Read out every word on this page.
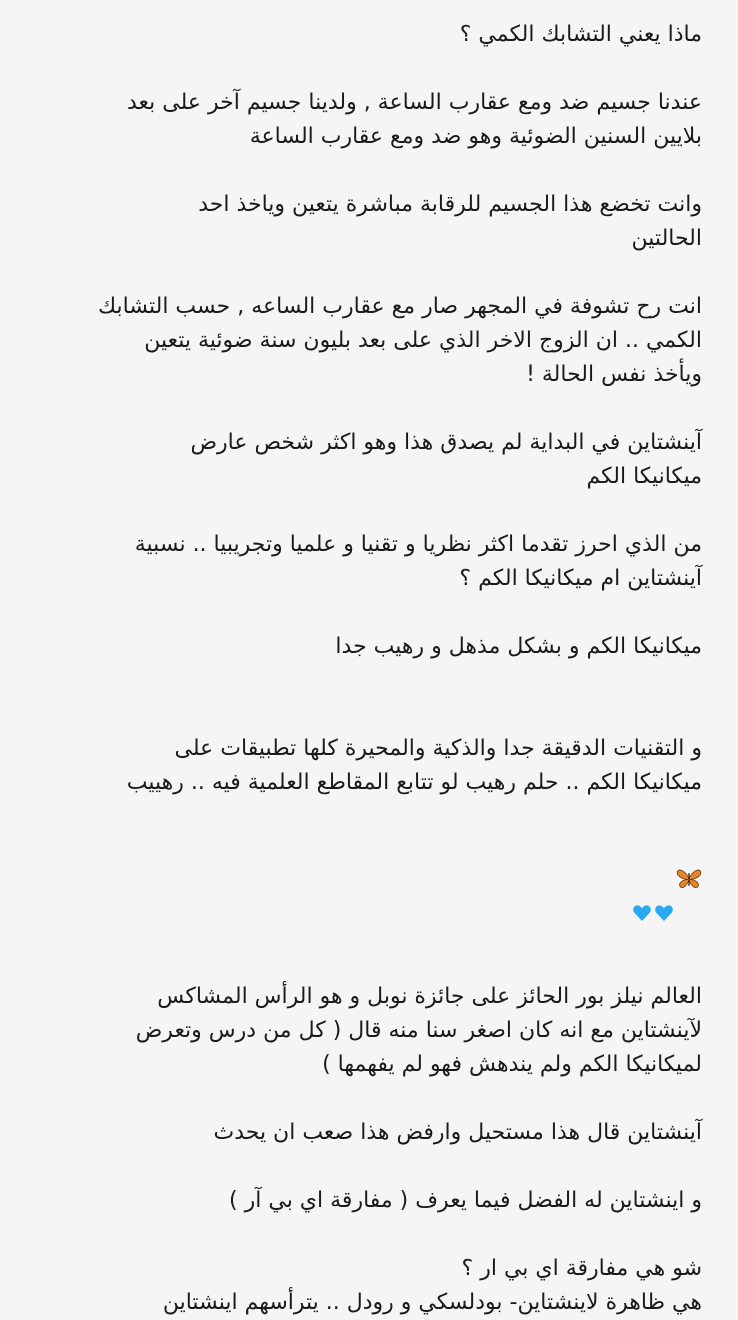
ماذا يعني التشابك الكمي ؟

عندنا جسيم ضد ومع عقارب الساعة , ولدينا جسيم آخر على بعد
بلايين السنين الضوئية وهو ضد ومع عقارب الساعة

وانت تخضع هذا الجسيم للرقابة مباشرة يتعين وياخذ احد
الحالتين

انت رح تشوفة في المجهر صار مع عقارب الساعه , حسب التشابك
الكمي .. ان الزوج الاخر الذي على بعد بليون سنة ضوئية يتعين
ويأخذ نفس الحالة !

آينشتاين في البداية لم يصدق هذا وهو اكثر شخص عارض
ميكانيكا الكم

من الذي احرز تقدما اكثر نظريا و تقنيا و علميا وتجريبيا .. نسبية
آينشتاين ام ميكانيكا الكم ؟

ميكانيكا الكم و بشكل مذهل و رهيب جدا

و التقنيات الدقيقة جدا والذكية والمحيرة كلها تطبيقات على
ميكانيكا الكم .. حلم رهيب لو تتابع المقاطع العلمية فيه .. رهييب

العالم نيلز بور الحائز على جائزة نوبل و هو الرأس المشاكس
لآينشتاين مع انه كان اصغر سنا منه قال ( كل من درس وتعرض
لميكانيكا الكم ولم يندهش فهو لم يفهمها )

آينشتاين قال هذا مستحيل وارفض هذا صعب ان يحدث

و اينشتاين له الفضل فيما يعرف ( مفارقة اي بي آر )

شو هي مفارقة اي بي ار ؟
هي ظاهرة لاينشتاين- بودلسكي و رودل .. يترأسهم اينشتاين
